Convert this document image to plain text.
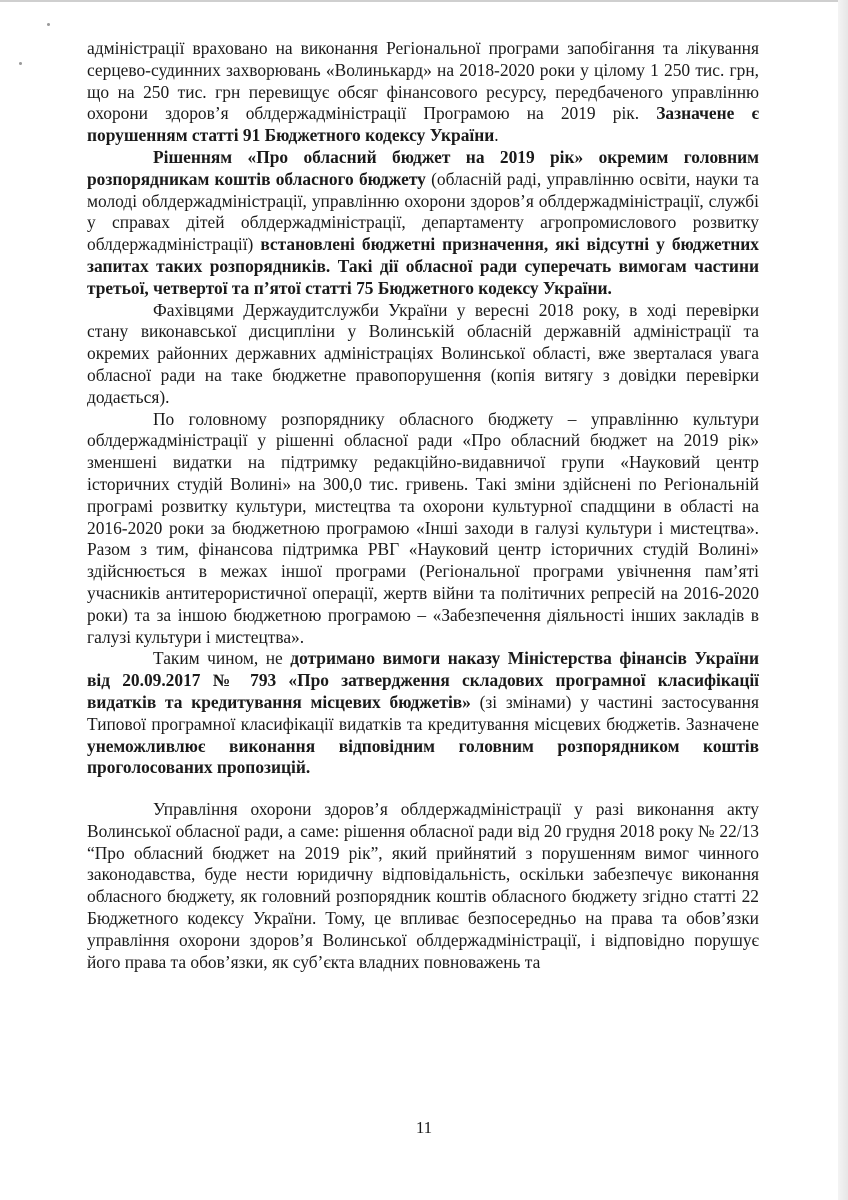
адміністрації враховано на виконання Регіональної програми запобігання та лікування серцево-судинних захворювань «Волинькард» на 2018-2020 роки у цілому 1 250 тис. грн, що на 250 тис. грн перевищує обсяг фінансового ресурсу, передбаченого управлінню охорони здоров’я облдержадміністрації Програмою на 2019 рік. Зазначене є порушенням статті 91 Бюджетного кодексу України.

Рішенням «Про обласний бюджет на 2019 рік» окремим головним розпорядникам коштів обласного бюджету (обласній раді, управлінню освіти, науки та молоді облдержадміністрації, управлінню охорони здоров’я облдержадміністрації, службі у справах дітей облдержадміністрації, департаменту агропромислового розвитку облдержадміністрації) встановлені бюджетні призначення, які відсутні у бюджетних запитах таких розпорядників. Такі дії обласної ради суперечать вимогам частини третьої, четвертої та п’ятої статті 75 Бюджетного кодексу України.

Фахівцями Держаудитслужби України у вересні 2018 року, в ході перевірки стану виконавської дисципліни у Волинській обласній державній адміністрації та окремих районних державних адміністраціях Волинської області, вже зверталася увага обласної ради на таке бюджетне правопорушення (копія витягу з довідки перевірки додається).

По головному розпоряднику обласного бюджету – управлінню культури облдержадміністрації у рішенні обласної ради «Про обласний бюджет на 2019 рік» зменшені видатки на підтримку редакційно-видавничої групи «Науковий центр історичних студій Волині» на 300,0 тис. гривень. Такі зміни здійснені по Регіональній програмі розвитку культури, мистецтва та охорони культурної спадщини в області на 2016-2020 роки за бюджетною програмою «Інші заходи в галузі культури і мистецтва». Разом з тим, фінансова підтримка РВГ «Науковий центр історичних студій Волині» здійснюється в межах іншої програми (Регіональної програми увічнення пам’яті учасників антитерористичної операції, жертв війни та політичних репресій на 2016-2020 роки) та за іншою бюджетною програмою – «Забезпечення діяльності інших закладів в галузі культури і мистецтва».

Таким чином, не дотримано вимоги наказу Міністерства фінансів України від 20.09.2017 № 793 «Про затвердження складових програмної класифікації видатків та кредитування місцевих бюджетів» (зі змінами) у частині застосування Типової програмної класифікації видатків та кредитування місцевих бюджетів. Зазначене унеможливлює виконання відповідним головним розпорядником коштів проголосованих пропозицій.

Управління охорони здоров’я облдержадміністрації у разі виконання акту Волинської обласної ради, а саме: рішення обласної ради від 20 грудня 2018 року № 22/13 “Про обласний бюджет на 2019 рік”, який прийнятий з порушенням вимог чинного законодавства, буде нести юридичну відповідальність, оскільки забезпечує виконання обласного бюджету, як головний розпорядник коштів обласного бюджету згідно статті 22 Бюджетного кодексу України. Тому, це впливає безпосередньо на права та обов’язки управління охорони здоров’я Волинської облдержадміністрації, і відповідно порушує його права та обов’язки, як суб’єкта владних повноважень та

11
